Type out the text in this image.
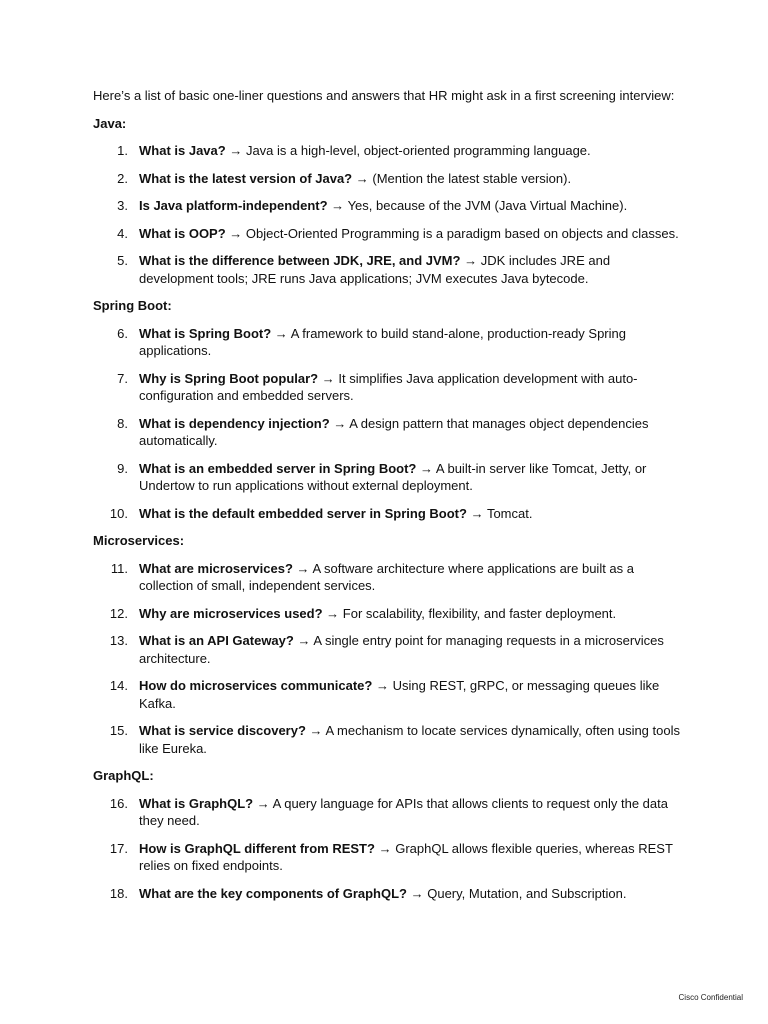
Here’s a list of basic one-liner questions and answers that HR might ask in a first screening interview:

Java:

1. What is Java? → Java is a high-level, object-oriented programming language.
2. What is the latest version of Java? → (Mention the latest stable version).
3. Is Java platform-independent? → Yes, because of the JVM (Java Virtual Machine).
4. What is OOP? → Object-Oriented Programming is a paradigm based on objects and classes.
5. What is the difference between JDK, JRE, and JVM? → JDK includes JRE and development tools; JRE runs Java applications; JVM executes Java bytecode.

Spring Boot:

6. What is Spring Boot? → A framework to build stand-alone, production-ready Spring applications.
7. Why is Spring Boot popular? → It simplifies Java application development with auto-configuration and embedded servers.
8. What is dependency injection? → A design pattern that manages object dependencies automatically.
9. What is an embedded server in Spring Boot? → A built-in server like Tomcat, Jetty, or Undertow to run applications without external deployment.
10. What is the default embedded server in Spring Boot? → Tomcat.

Microservices:

11. What are microservices? → A software architecture where applications are built as a collection of small, independent services.
12. Why are microservices used? → For scalability, flexibility, and faster deployment.
13. What is an API Gateway? → A single entry point for managing requests in a microservices architecture.
14. How do microservices communicate? → Using REST, gRPC, or messaging queues like Kafka.
15. What is service discovery? → A mechanism to locate services dynamically, often using tools like Eureka.

GraphQL:

16. What is GraphQL? → A query language for APIs that allows clients to request only the data they need.
17. How is GraphQL different from REST? → GraphQL allows flexible queries, whereas REST relies on fixed endpoints.
18. What are the key components of GraphQL? → Query, Mutation, and Subscription.
Cisco Confidential
